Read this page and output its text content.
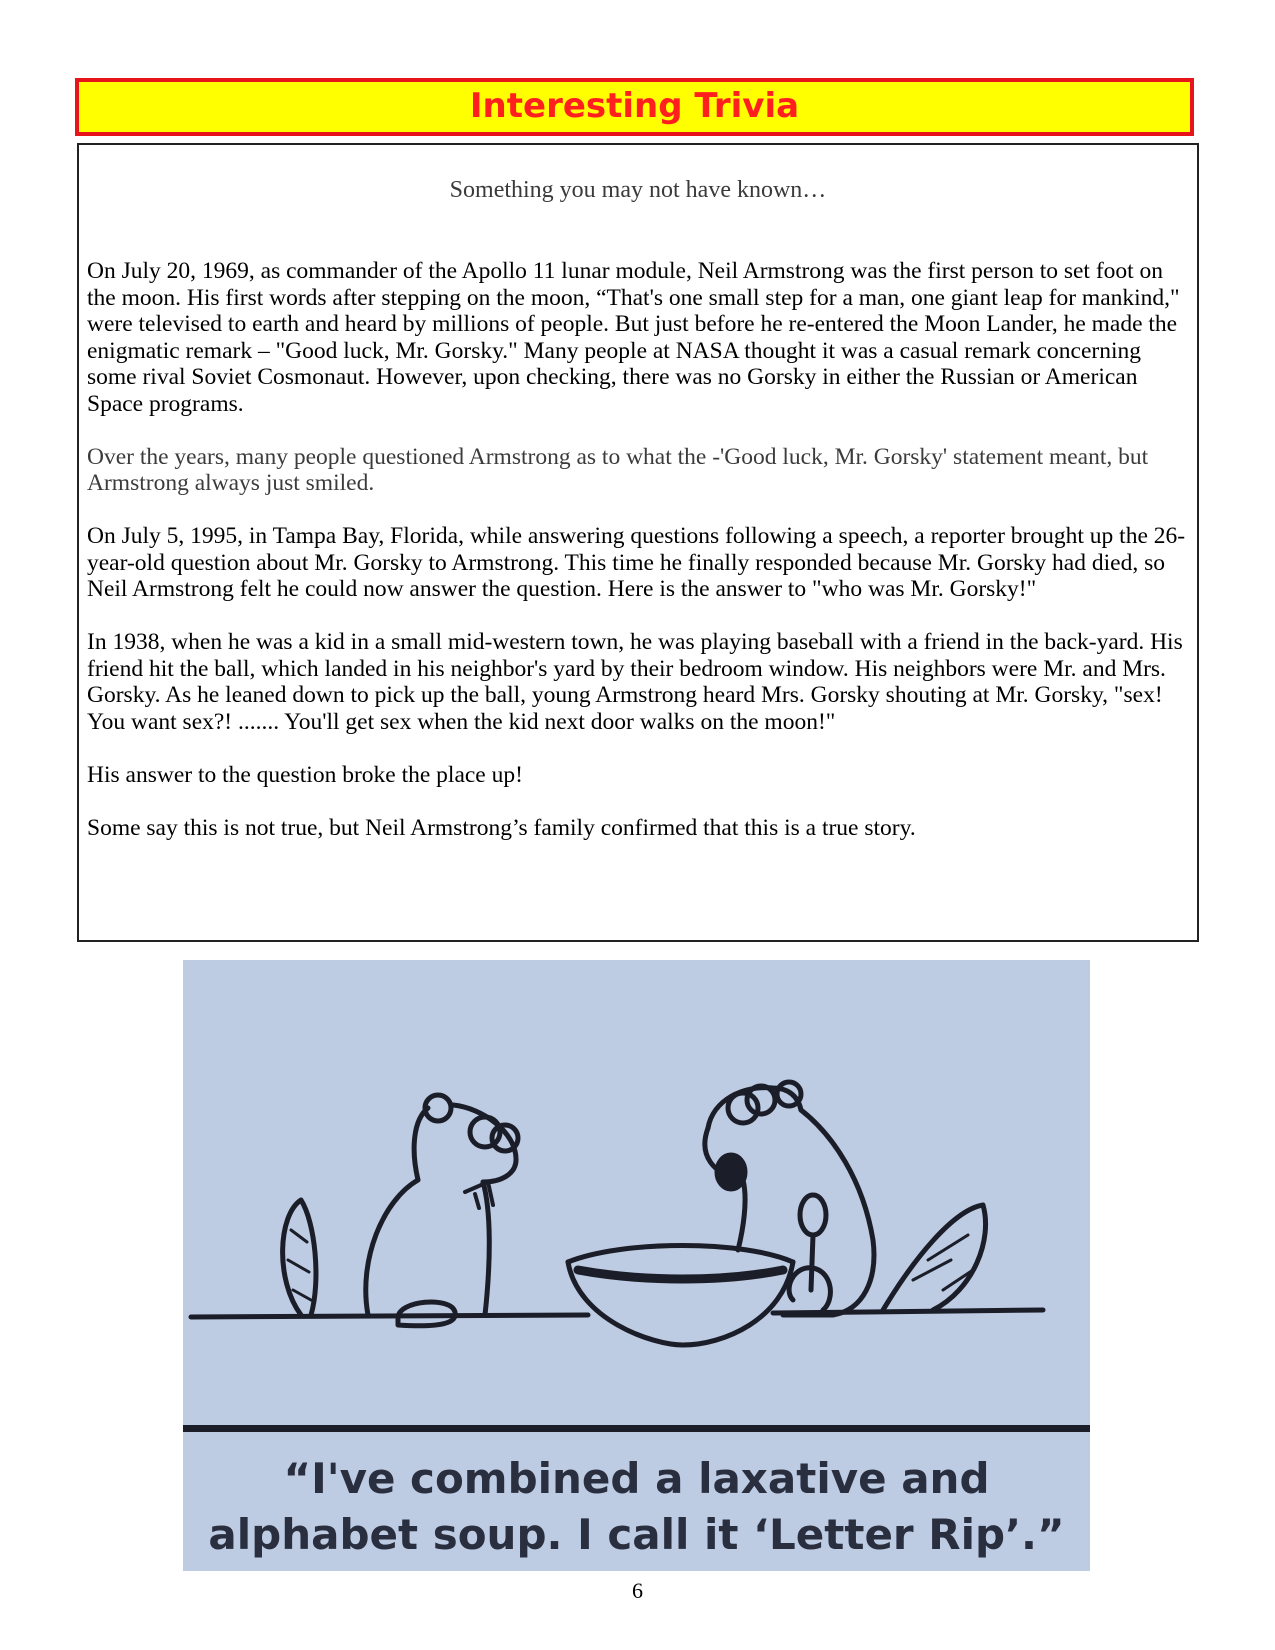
Interesting Trivia
Something you may not have known…

On July 20, 1969, as commander of the Apollo 11 lunar module, Neil Armstrong was the first person to set foot on the moon. His first words after stepping on the moon, “That's one small step for a man, one giant leap for mankind," were televised to earth and heard by millions of people. But just before he re-entered the Moon Lander, he made the enigmatic remark – "Good luck, Mr. Gorsky." Many people at NASA thought it was a casual remark concerning some rival Soviet Cosmonaut. However, upon checking, there was no Gorsky in either the Russian or American Space programs.

Over the years, many people questioned Armstrong as to what the -'Good luck, Mr. Gorsky' statement meant, but Armstrong always just smiled.

On July 5, 1995, in Tampa Bay, Florida, while answering questions following a speech, a reporter brought up the 26-year-old question about Mr. Gorsky to Armstrong. This time he finally responded because Mr. Gorsky had died, so Neil Armstrong felt he could now answer the question. Here is the answer to "who was Mr. Gorsky!"

In 1938, when he was a kid in a small mid-western town, he was playing baseball with a friend in the back-yard. His friend hit the ball, which landed in his neighbor's yard by their bedroom window. His neighbors were Mr. and Mrs. Gorsky. As he leaned down to pick up the ball, young Armstrong heard Mrs. Gorsky shouting at Mr. Gorsky, "sex! You want sex?! ....... You'll get sex when the kid next door walks on the moon!"

His answer to the question broke the place up!

Some say this is not true, but Neil Armstrong’s family confirmed that this is a true story.

“I've combined a laxative and
alphabet soup. I call it ‘Letter Rip’.”
6
